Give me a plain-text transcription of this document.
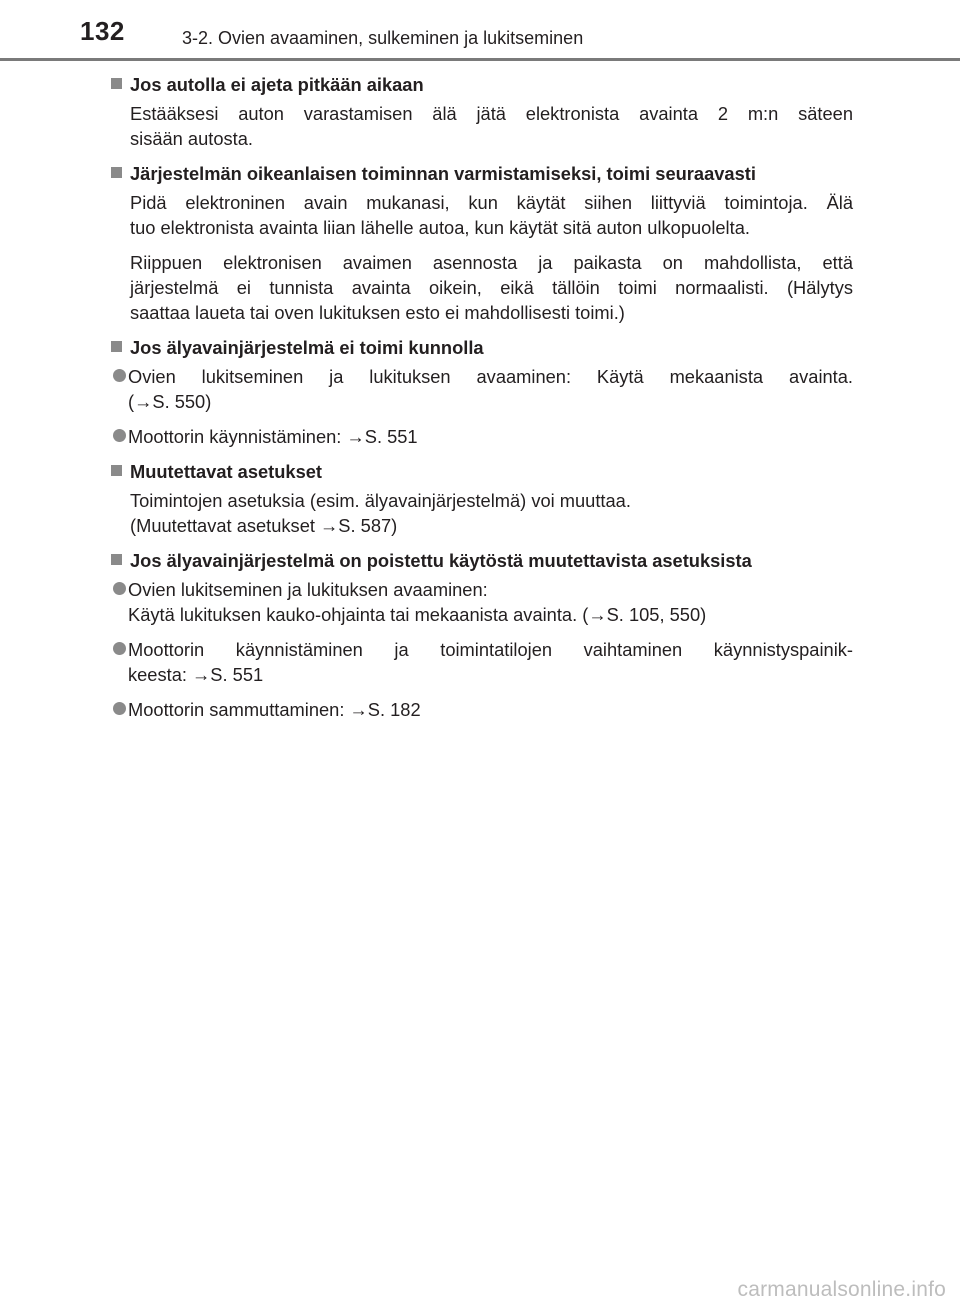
132	3-2. Ovien avaaminen, sulkeminen ja lukitseminen
Jos autolla ei ajeta pitkään aikaan
Estääksesi auton varastamisen älä jätä elektronista avainta 2 m:n säteen
sisään autosta.
Järjestelmän oikeanlaisen toiminnan varmistamiseksi, toimi seuraavasti
Pidä elektroninen avain mukanasi, kun käytät siihen liittyviä toimintoja. Älä
tuo elektronista avainta liian lähelle autoa, kun käytät sitä auton ulkopuolelta.
Riippuen elektronisen avaimen asennosta ja paikasta on mahdollista, että
järjestelmä ei tunnista avainta oikein, eikä tällöin toimi normaalisti. (Hälytys
saattaa laueta tai oven lukituksen esto ei mahdollisesti toimi.)
Jos älyavainjärjestelmä ei toimi kunnolla
Ovien lukitseminen ja lukituksen avaaminen: Käytä mekaanista avainta.
(→S. 550)
Moottorin käynnistäminen: →S. 551
Muutettavat asetukset
Toimintojen asetuksia (esim. älyavainjärjestelmä) voi muuttaa.
(Muutettavat asetukset →S. 587)
Jos älyavainjärjestelmä on poistettu käytöstä muutettavista asetuksista
Ovien lukitseminen ja lukituksen avaaminen:
Käytä lukituksen kauko-ohjainta tai mekaanista avainta. (→S. 105, 550)
Moottorin käynnistäminen ja toimintatilojen vaihtaminen käynnistyspainik-
keesta: →S. 551
Moottorin sammuttaminen: →S. 182
carmanualsonline.info
